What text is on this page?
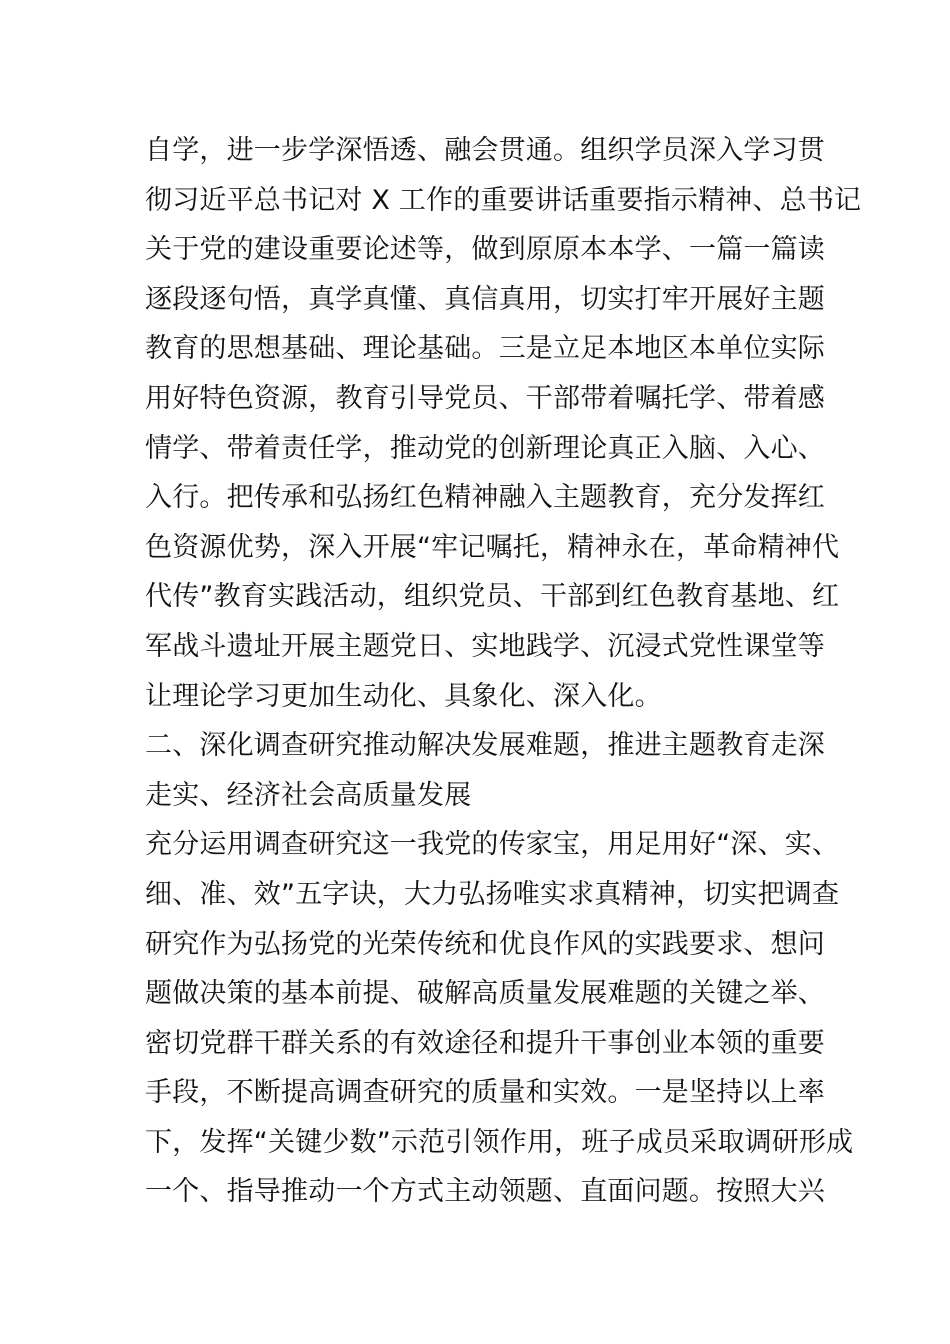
自学，进一步学深悟透、融会贯通。组织学员深入学习贯
彻习近平总书记对 X 工作的重要讲话重要指示精神、总书记
关于党的建设重要论述等，做到原原本本学、一篇一篇读
逐段逐句悟，真学真懂、真信真用，切实打牢开展好主题
教育的思想基础、理论基础。三是立足本地区本单位实际
用好特色资源，教育引导党员、干部带着嘱托学、带着感
情学、带着责任学，推动党的创新理论真正入脑、入心、
入行。把传承和弘扬红色精神融入主题教育，充分发挥红
色资源优势，深入开展“牢记嘱托，精神永在，革命精神代
代传”教育实践活动，组织党员、干部到红色教育基地、红
军战斗遗址开展主题党日、实地践学、沉浸式党性课堂等
让理论学习更加生动化、具象化、深入化。
二、深化调查研究推动解决发展难题，推进主题教育走深
走实、经济社会高质量发展
充分运用调查研究这一我党的传家宝，用足用好“深、实、
细、准、效”五字诀，大力弘扬唯实求真精神，切实把调查
研究作为弘扬党的光荣传统和优良作风的实践要求、想问
题做决策的基本前提、破解高质量发展难题的关键之举、
密切党群干群关系的有效途径和提升干事创业本领的重要
手段，不断提高调查研究的质量和实效。一是坚持以上率
下，发挥“关键少数”示范引领作用，班子成员采取调研形成
一个、指导推动一个方式主动领题、直面问题。按照大兴
